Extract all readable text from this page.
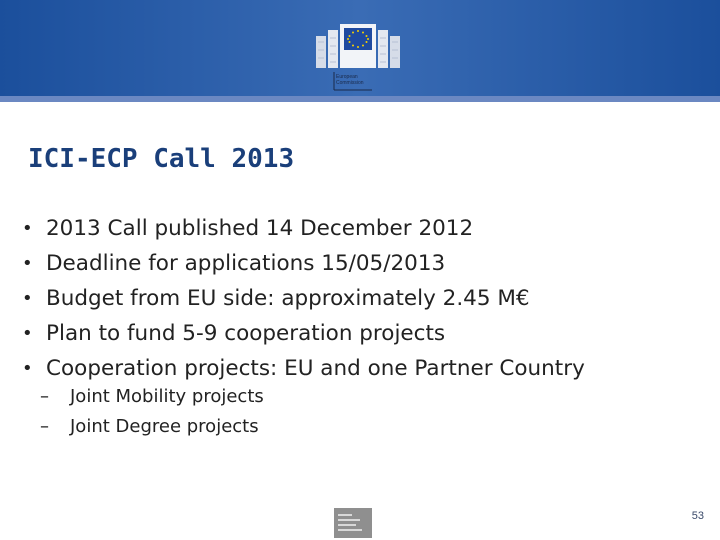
European
Commission
ICI-ECP Call 2013
• 2013 Call published 14 December 2012
• Deadline for applications 15/05/2013
• Budget from EU side: approximately 2.45 M€
• Plan to fund 5-9 cooperation projects
• Cooperation projects: EU and one Partner Country
– Joint Mobility projects
– Joint Degree projects
53
